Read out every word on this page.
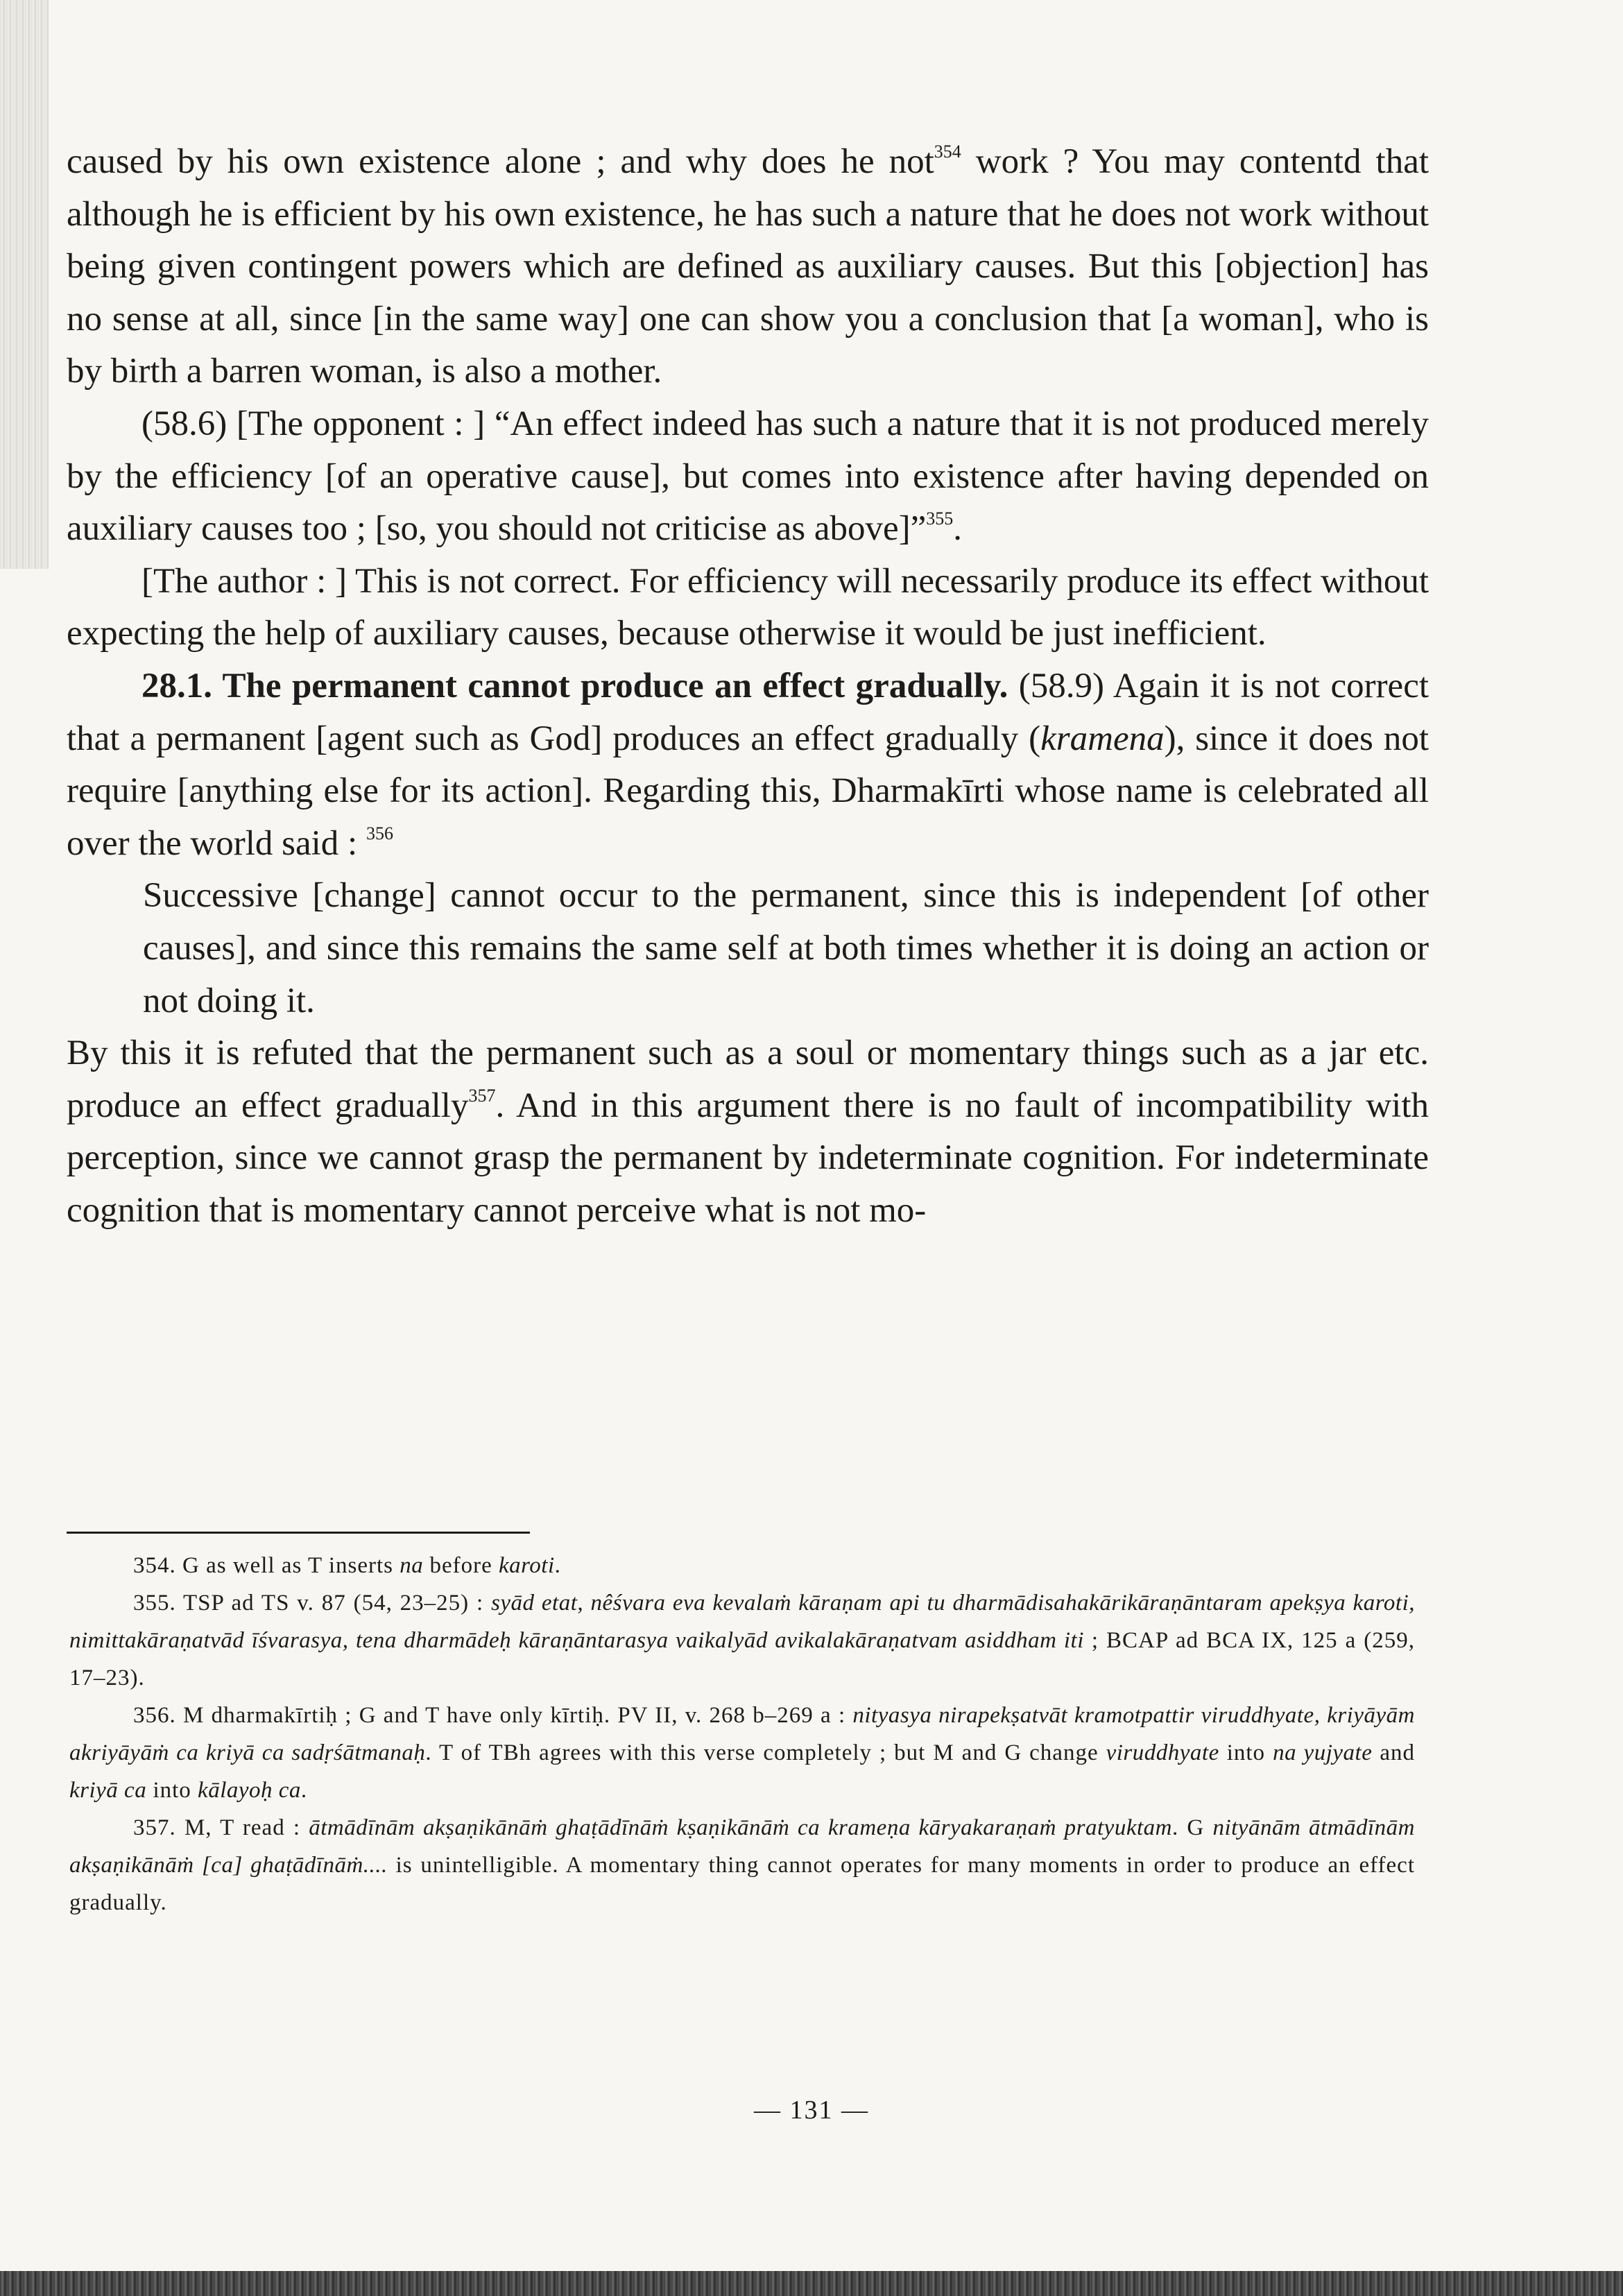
caused by his own existence alone ; and why does he not$^{354}$ work ? You may contentd that although he is efficient by his own existence, he has such a nature that he does not work without being given contingent powers which are defined as auxiliary causes. But this [objection] has no sense at all, since [in the same way] one can show you a conclusion that [a woman], who is by birth a barren woman, is also a mother.

(58.6) [The opponent : ] “An effect indeed has such a nature that it is not produced merely by the efficiency [of an operative cause], but comes into existence after having depended on auxiliary causes too ; [so, you should not criticise as above]”$^{355}$.

[The author : ] This is not correct. For efficiency will necessarily produce its effect without expecting the help of auxiliary causes, because otherwise it would be just inefficient.

28.1. The permanent cannot produce an effect gradually. (58.9) Again it is not correct that a permanent [agent such as God] produces an effect gradually (kramena), since it does not require [anything else for its action]. Regarding this, Dharmakīrti whose name is celebrated all over the world said : $^{356}$

Successive [change] cannot occur to the permanent, since this is independent [of other causes], and since this remains the same self at both times whether it is doing an action or not doing it.

By this it is refuted that the permanent such as a soul or momentary things such as a jar etc. produce an effect gradually$^{357}$. And in this argument there is no fault of incompatibility with perception, since we cannot grasp the permanent by indeterminate cognition. For indeterminate cognition that is momentary cannot perceive what is not mo-

354. G as well as T inserts na before karoti.

355. TSP ad TS v. 87 (54, 23–25) : syād etat, nêśvara eva kevalaṁ kāraṇam api tu dharmādisahakārikāraṇāntaram apekṣya karoti, nimittakāraṇatvād īśvarasya, tena dharmādeḥ kāraṇāntarasya vaikalyād avikalakāraṇatvam asiddham iti ; BCAP ad BCA IX, 125 a (259, 17–23).

356. M dharmakīrtiḥ ; G and T have only kīrtiḥ. PV II, v. 268 b–269 a : nityasya nirapekṣatvāt kramotpattir viruddhyate, kriyāyām akriyāyāṁ ca kriyā ca sadṛśātmanaḥ. T of TBh agrees with this verse completely ; but M and G change viruddhyate into na yujyate and kriyā ca into kālayoḥ ca.

357. M, T read : ātmādīnām akṣaṇikānāṁ ghaṭādīnāṁ kṣaṇikānāṁ ca krameṇa kāryakaraṇaṁ pratyuktam. G nityānām ātmādīnām akṣaṇikānāṁ [ca] ghaṭādīnāṁ.... is unintelligible. A momentary thing cannot operates for many moments in order to produce an effect gradually.

— 131 —
